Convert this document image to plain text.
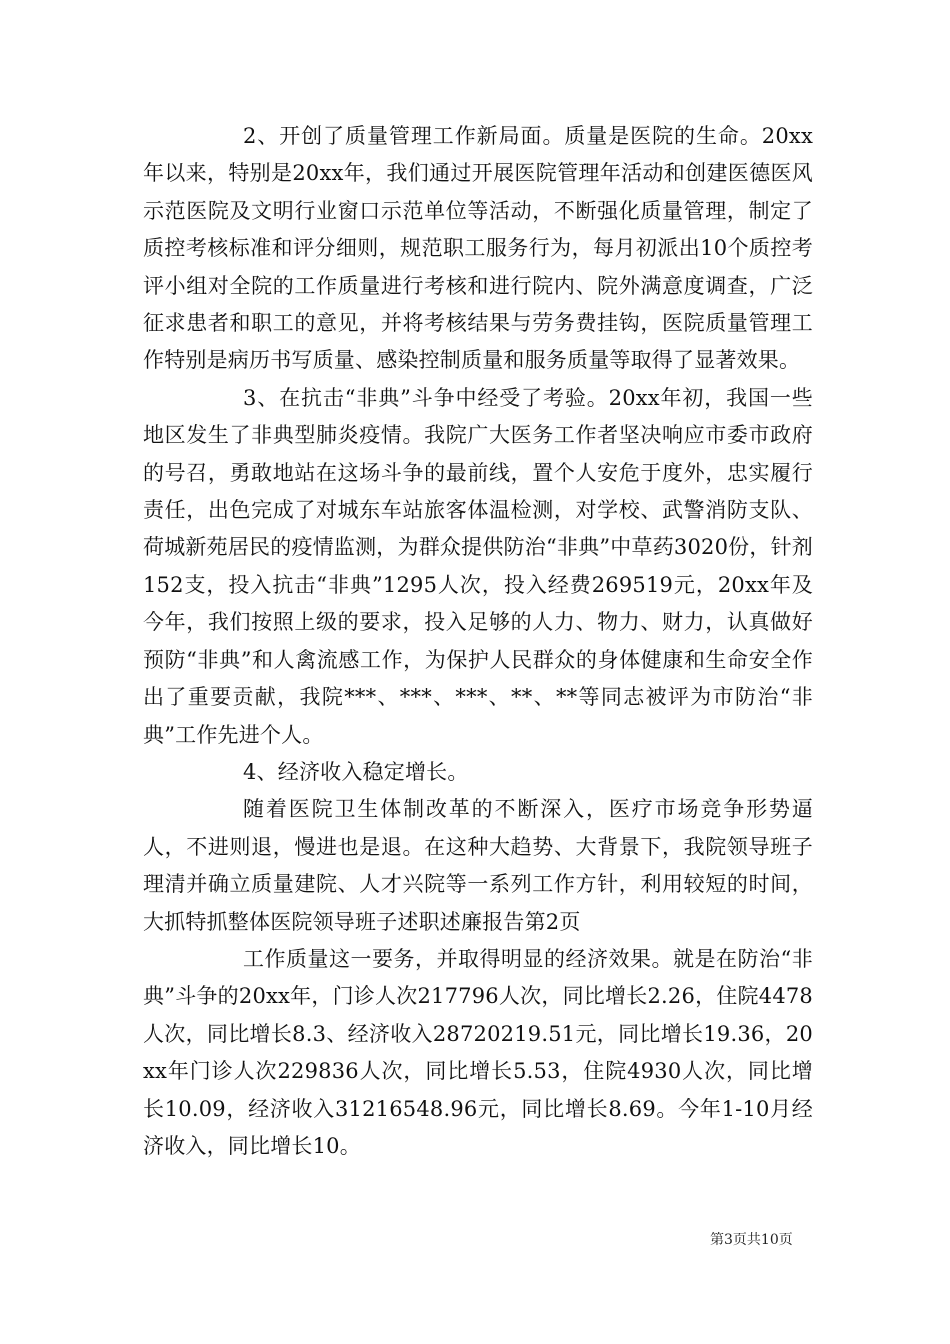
2、开创了质量管理工作新局面。质量是医院的生命。20xx年以来，特别是20xx年，我们通过开展医院管理年活动和创建医德医风示范医院及文明行业窗口示范单位等活动，不断强化质量管理，制定了质控考核标准和评分细则，规范职工服务行为，每月初派出10个质控考评小组对全院的工作质量进行考核和进行院内、院外满意度调查，广泛征求患者和职工的意见，并将考核结果与劳务费挂钩，医院质量管理工作特别是病历书写质量、感染控制质量和服务质量等取得了显著效果。

3、在抗击“非典”斗争中经受了考验。20xx年初，我国一些地区发生了非典型肺炎疫情。我院广大医务工作者坚决响应市委市政府的号召，勇敢地站在这场斗争的最前线，置个人安危于度外，忠实履行责任，出色完成了对城东车站旅客体温检测，对学校、武警消防支队、荷城新苑居民的疫情监测，为群众提供防治“非典”中草药3020份，针剂152支，投入抗击“非典”1295人次，投入经费269519元，20xx年及今年，我们按照上级的要求，投入足够的人力、物力、财力，认真做好预防“非典”和人禽流感工作，为保护人民群众的身体健康和生命安全作出了重要贡献，我院***、***、***、**、**等同志被评为市防治“非典”工作先进个人。

4、经济收入稳定增长。

随着医院卫生体制改革的不断深入，医疗市场竞争形势逼人，不进则退，慢进也是退。在这种大趋势、大背景下，我院领导班子理清并确立质量建院、人才兴院等一系列工作方针，利用较短的时间，大抓特抓整体医院领导班子述职述廉报告第2页

工作质量这一要务，并取得明显的经济效果。就是在防治“非典”斗争的20xx年，门诊人次217796人次，同比增长2.26，住院4478人次，同比增长8.3、经济收入28720219.51元，同比增长19.36，20xx年门诊人次229836人次，同比增长5.53，住院4930人次，同比增长10.09，经济收入31216548.96元，同比增长8.69。今年1-10月经济收入，同比增长10。

第3页共10页
